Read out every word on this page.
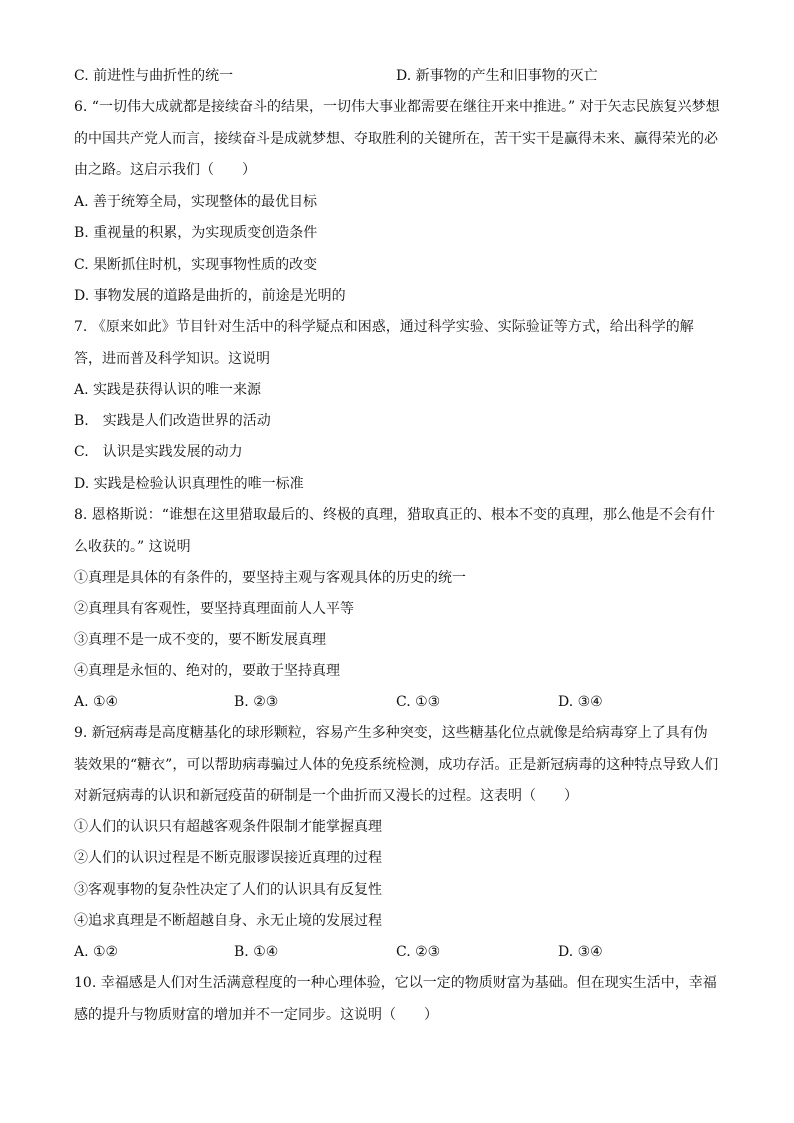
C. 前进性与曲折性的统一	D. 新事物的产生和旧事物的灭亡
6. “一切伟大成就都是接续奋斗的结果，一切伟大事业都需要在继往开来中推进。” 对于矢志民族复兴梦想的中国共产党人而言，接续奋斗是成就梦想、夺取胜利的关键所在，苦干实干是赢得未来、赢得荣光的必由之路。这启示我们（　　）
A. 善于统筹全局，实现整体的最优目标
B. 重视量的积累，为实现质变创造条件
C. 果断抓住时机，实现事物性质的改变
D. 事物发展的道路是曲折的，前途是光明的
7. 《原来如此》节目针对生活中的科学疑点和困惑，通过科学实验、实际验证等方式，给出科学的解答，进而普及科学知识。这说明
A. 实践是获得认识的唯一来源
B.　实践是人们改造世界的活动
C.　认识是实践发展的动力
D. 实践是检验认识真理性的唯一标准
8. 恩格斯说：“谁想在这里猎取最后的、终极的真理，猎取真正的、根本不变的真理，那么他是不会有什么收获的。” 这说明
①真理是具体的有条件的，要坚持主观与客观具体的历史的统一
②真理具有客观性，要坚持真理面前人人平等
③真理不是一成不变的，要不断发展真理
④真理是永恒的、绝对的，要敢于坚持真理
A. ①④	B. ②③	C. ①③	D. ③④
9. 新冠病毒是高度糖基化的球形颗粒，容易产生多种突变，这些糖基化位点就像是给病毒穿上了具有伪装效果的“糖衣”，可以帮助病毒骗过人体的免疫系统检测，成功存活。正是新冠病毒的这种特点导致人们对新冠病毒的认识和新冠疫苗的研制是一个曲折而又漫长的过程。这表明（　　）
①人们的认识只有超越客观条件限制才能掌握真理
②人们的认识过程是不断克服谬误接近真理的过程
③客观事物的复杂性决定了人们的认识具有反复性
④追求真理是不断超越自身、永无止境的发展过程
A. ①②	B. ①④	C. ②③	D. ③④
10. 幸福感是人们对生活满意程度的一种心理体验，它以一定的物质财富为基础。但在现实生活中，幸福感的提升与物质财富的增加并不一定同步。这说明（　　）
